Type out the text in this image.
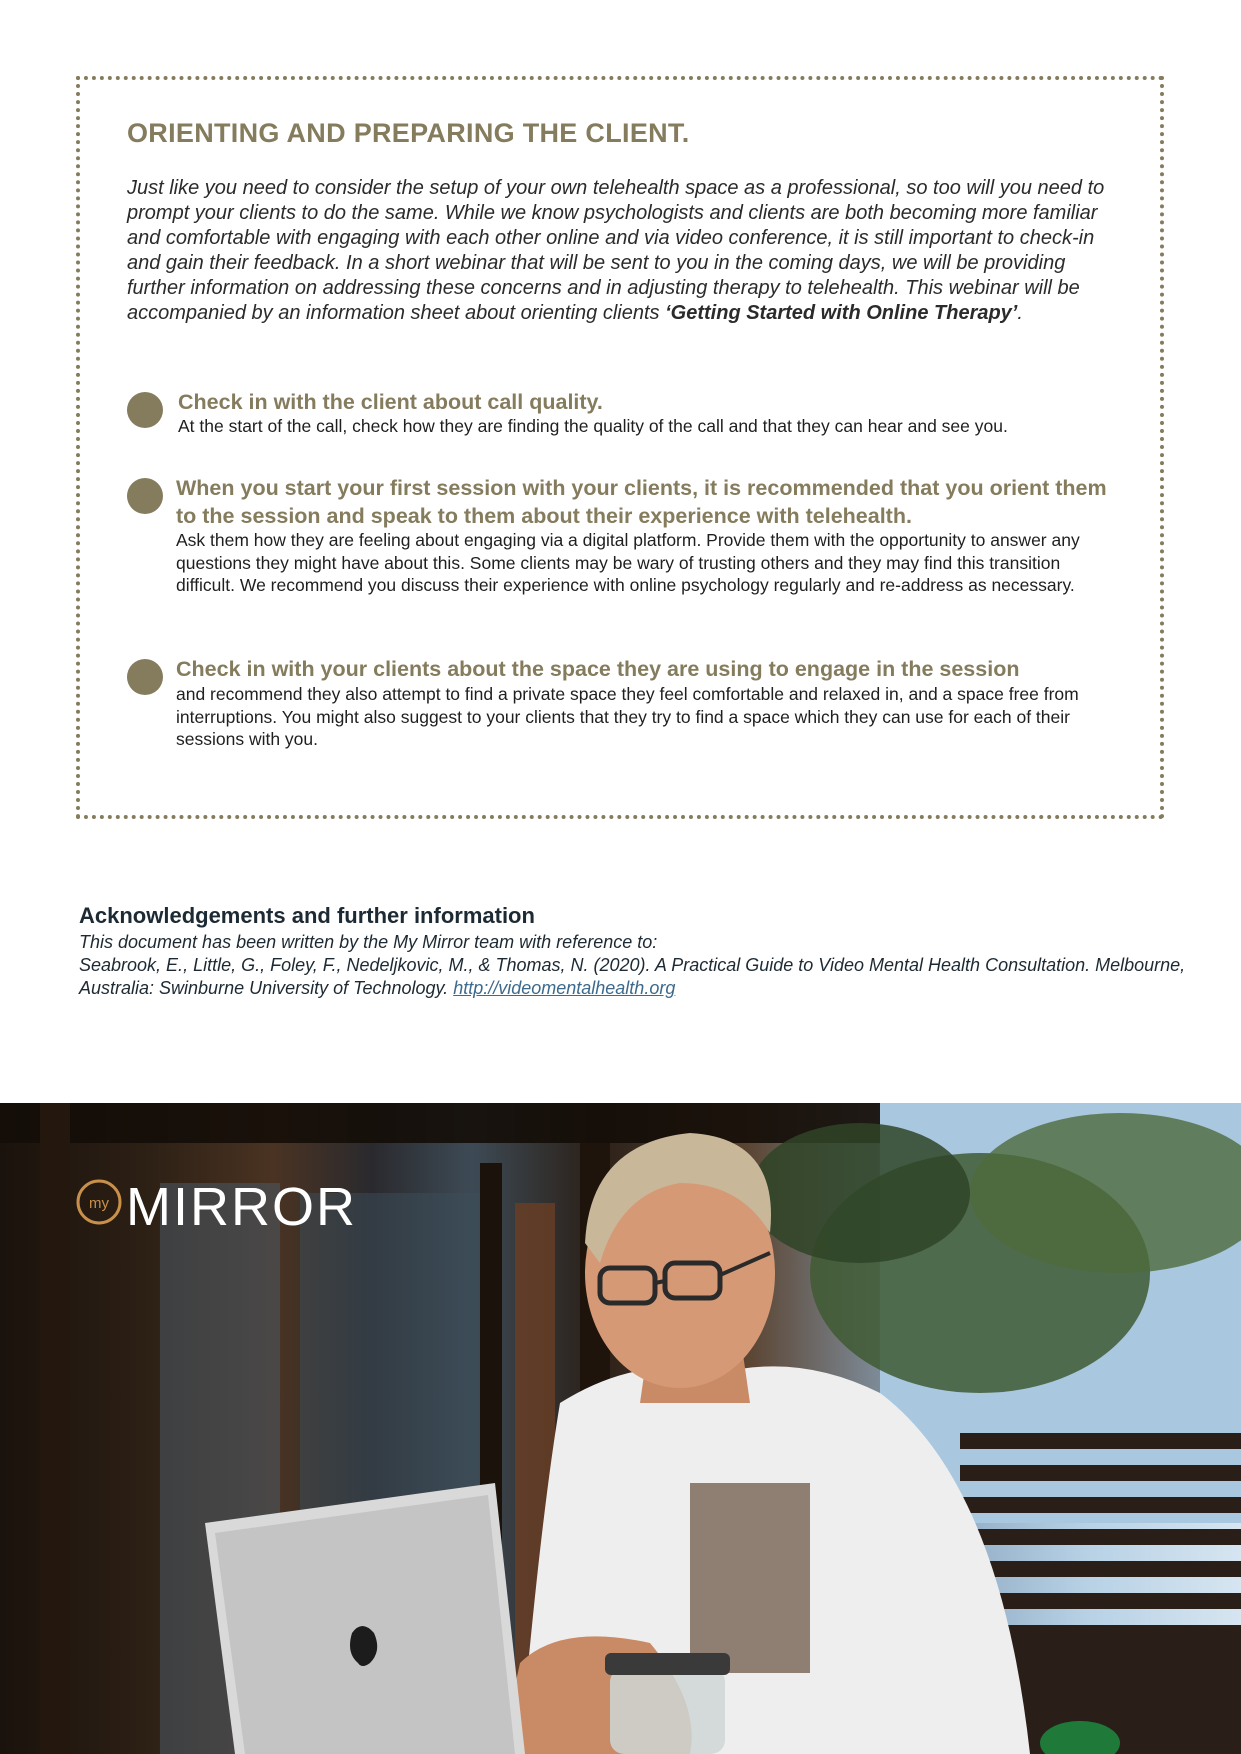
ORIENTING AND PREPARING THE CLIENT.

Just like you need to consider the setup of your own telehealth space as a professional, so too will you need to prompt your clients to do the same. While we know psychologists and clients are both becoming more familiar and comfortable with engaging with each other online and via video conference, it is still important to check-in and gain their feedback. In a short webinar that will be sent to you in the coming days, we will be providing further information on addressing these concerns and in adjusting therapy to telehealth. This webinar will be accompanied by an information sheet about orienting clients ‘Getting Started with Online Therapy’.

Check in with the client about call quality.

At the start of the call, check how they are finding the quality of the call and that they can hear and see you.

When you start your first session with your clients, it is recommended that you orient them to the session and speak to them about their experience with telehealth.

Ask them how they are feeling about engaging via a digital platform. Provide them with the opportunity to answer any questions they might have about this. Some clients may be wary of trusting others and they may find this transition difficult. We recommend you discuss their experience with online psychology regularly and re-address as necessary.

Check in with your clients about the space they are using to engage in the session

and recommend they also attempt to find a private space they feel comfortable and relaxed in, and a space free from interruptions. You might also suggest to your clients that they try to find a space which they can use for each of their sessions with you.

Acknowledgements and further information

This document has been written by the My Mirror team with reference to:
Seabrook, E., Little, G., Foley, F., Nedeljkovic, M., & Thomas, N. (2020). A Practical Guide to Video Mental Health Consultation. Melbourne, Australia: Swinburne University of Technology. http://videomentalhealth.org

my MIRROR
